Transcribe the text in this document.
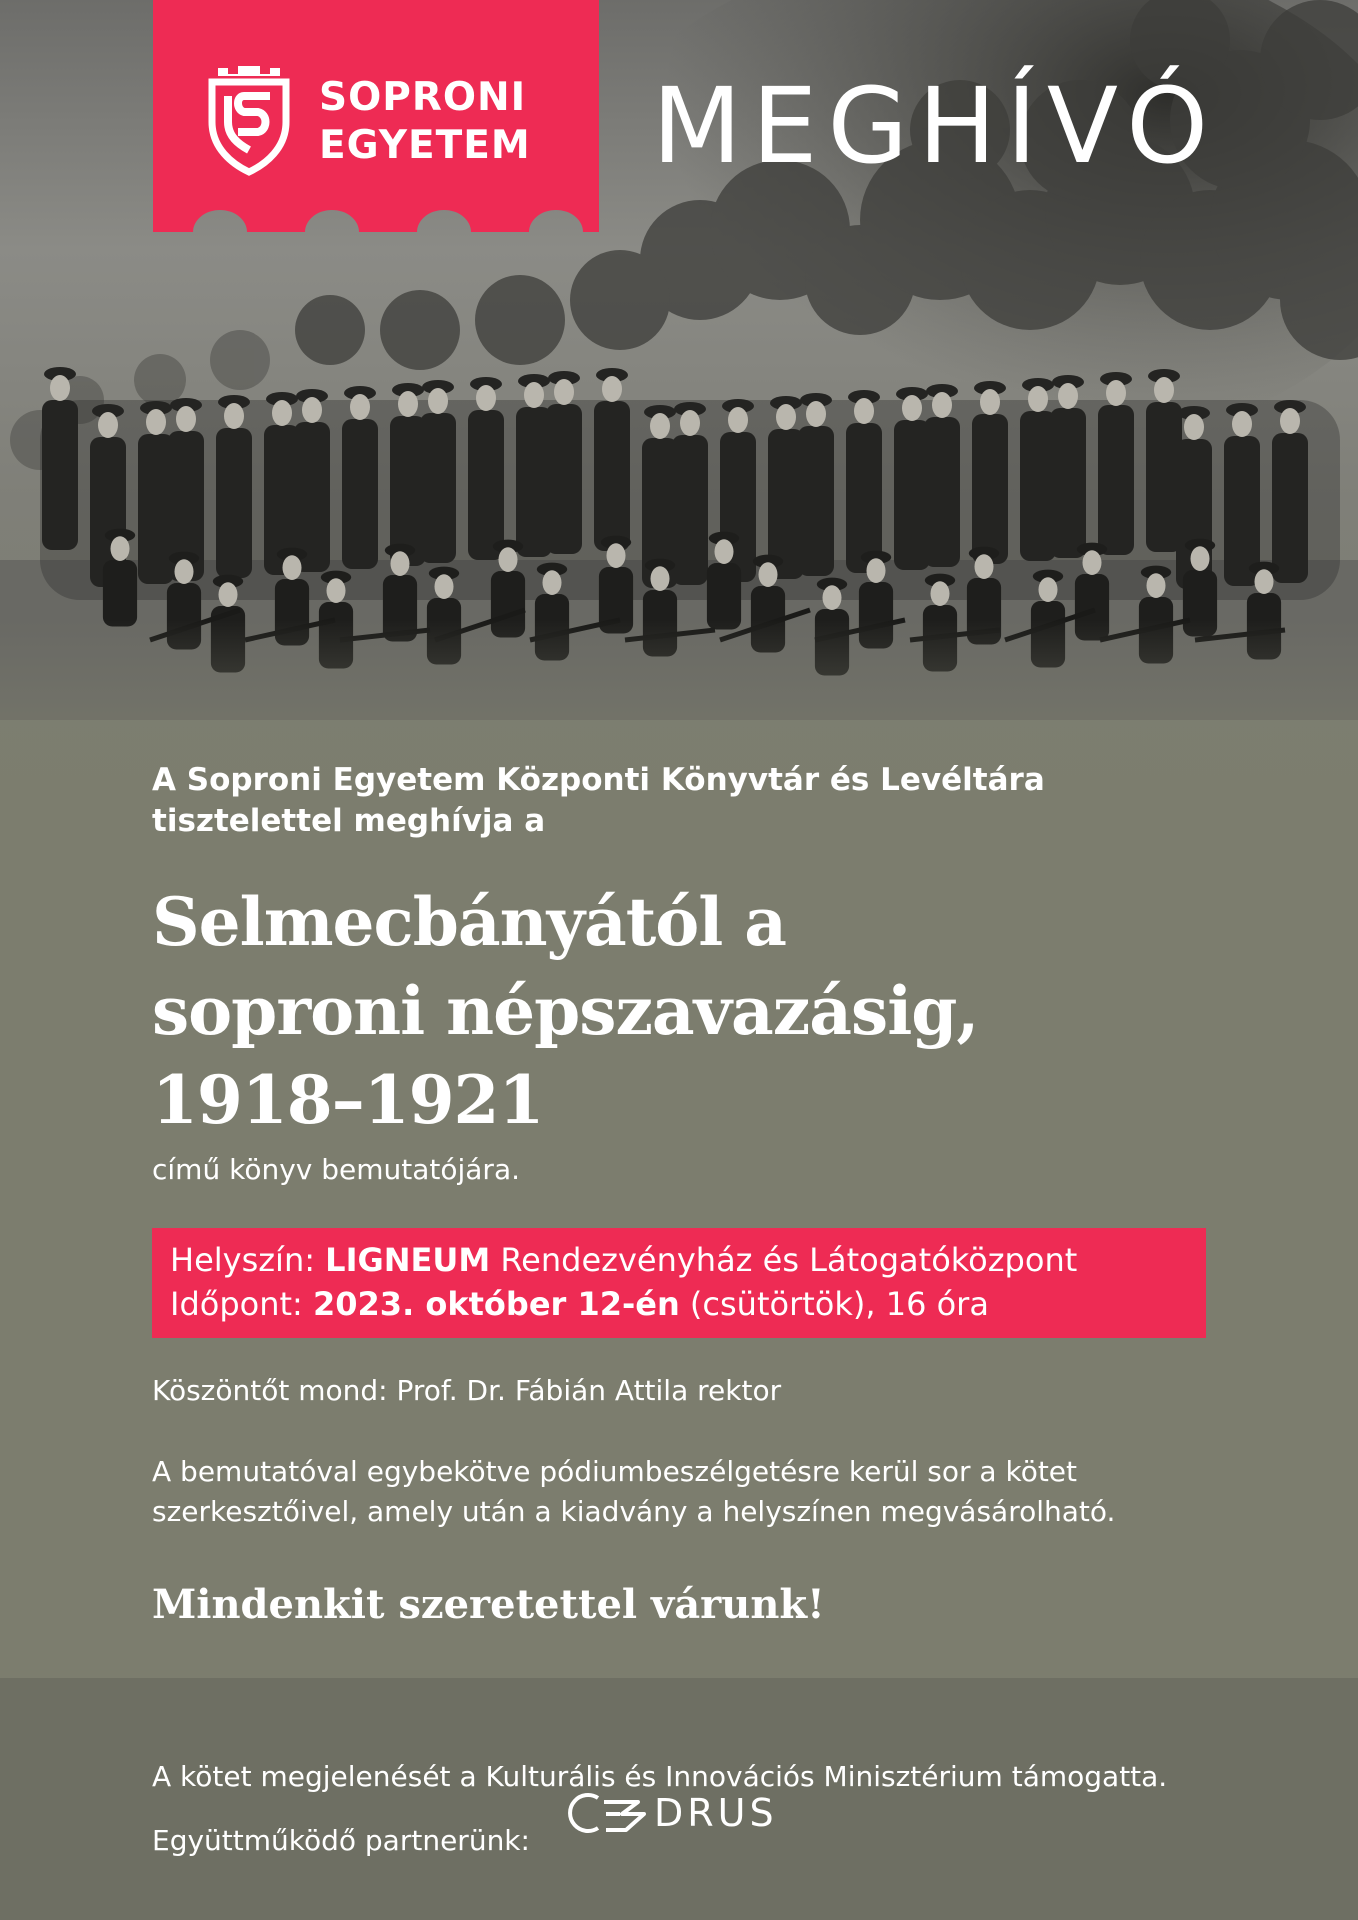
SOPRONI
EGYETEM MEGHÍVÓ
A Soproni Egyetem Központi Könyvtár és Levéltára
tisztelettel meghívja a
Selmecbányától a
soproni népszavazásig,
1918–1921
című könyv bemutatójára.
Helyszín: LIGNEUM Rendezvényház és Látogatóközpont
Időpont: 2023. október 12-én (csütörtök), 16 óra
Köszöntőt mond: Prof. Dr. Fábián Attila rektor
A bemutatóval egybekötve pódiumbeszélgetésre kerül sor a kötet
szerkesztőivel, amely után a kiadvány a helyszínen megvásárolható.
Mindenkit szeretettel várunk!
A kötet megjelenését a Kulturális és Innovációs Minisztérium támogatta.
Együttműködő partnerünk:
DRUS
